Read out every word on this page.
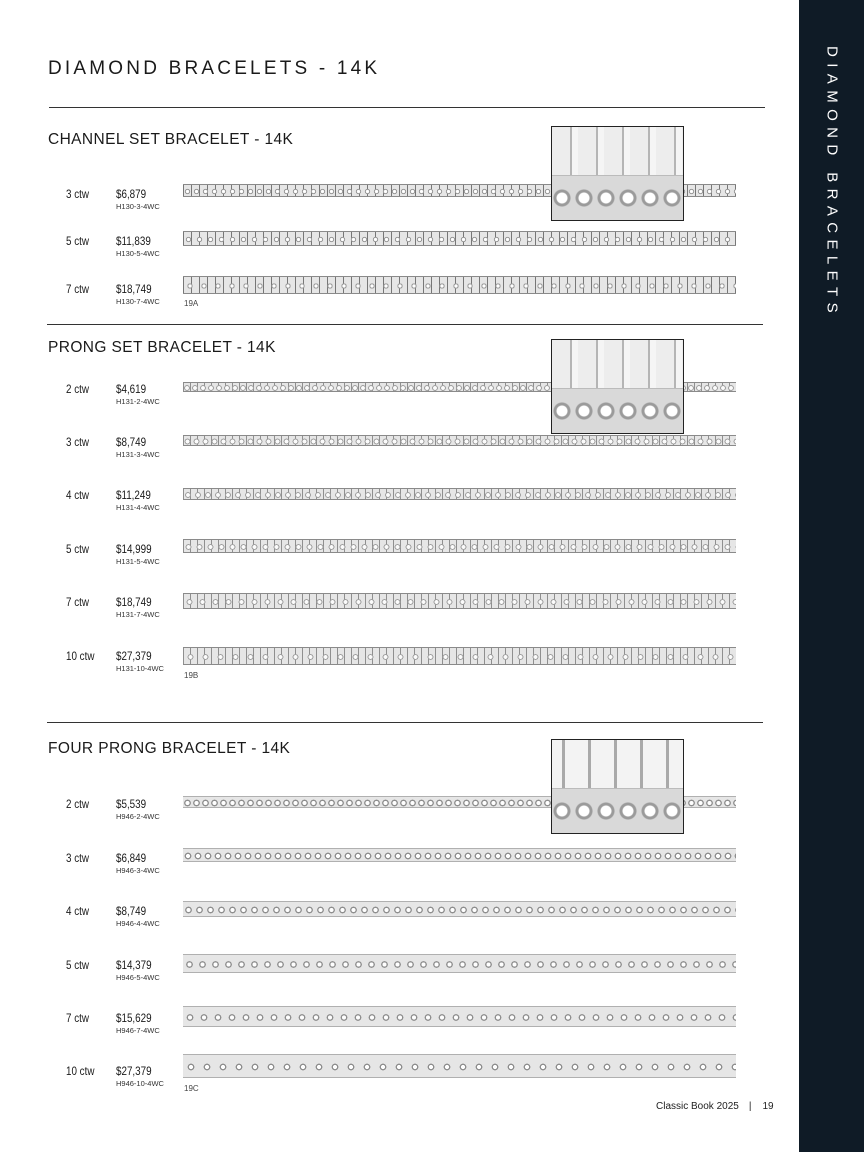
DIAMOND BRACELETS
DIAMOND BRACELETS - 14K
CHANNEL SET BRACELET - 14K
3 ctw $6,879
H130-3-4WC
5 ctw $11,839
H130-5-4WC
7 ctw $18,749
H130-7-4WC	19A
PRONG SET BRACELET - 14K
2 ctw $4,619
H131-2-4WC
3 ctw $8,749
H131-3-4WC
4 ctw $11,249
H131-4-4WC
5 ctw $14,999
H131-5-4WC
7 ctw $18,749
H131-7-4WC
10 ctw $27,379
H131-10-4WC
19B
FOUR PRONG BRACELET - 14K
2 ctw $5,539
H946-2-4WC
3 ctw $6,849
H946-3-4WC
4 ctw $8,749
H946-4-4WC
5 ctw $14,379
H946-5-4WC
7 ctw $15,629
H946-7-4WC
10 ctw $27,379
H946-10-4WC
19C
Classic Book 2025 | 19
